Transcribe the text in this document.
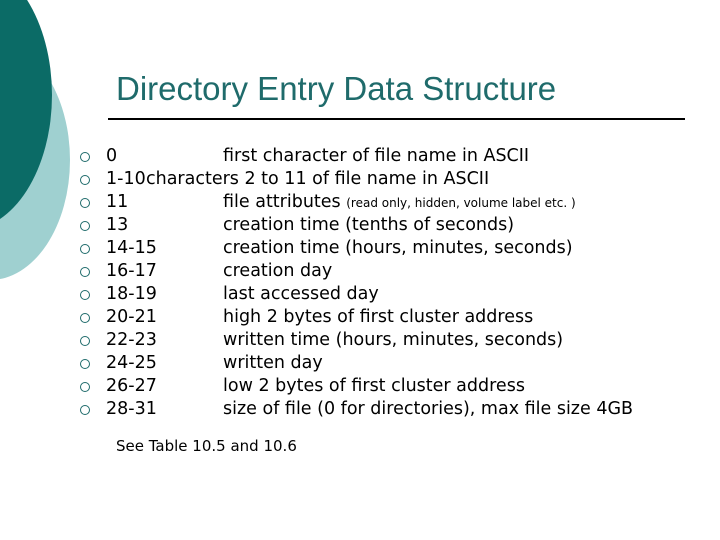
Directory Entry Data Structure
0	first character of file name in ASCII
1-10 characters 2 to 11 of file name in ASCII
11	file attributes (read only, hidden, volume label etc. )
13	creation time (tenths of seconds)
14-15	creation time (hours, minutes, seconds)
16-17	creation day
18-19	last accessed day
20-21	high 2 bytes of first cluster address
22-23	written time (hours, minutes, seconds)
24-25	written day
26-27	low 2 bytes of first cluster address
28-31	size of file (0 for directories), max file size 4GB
See Table 10.5 and 10.6
